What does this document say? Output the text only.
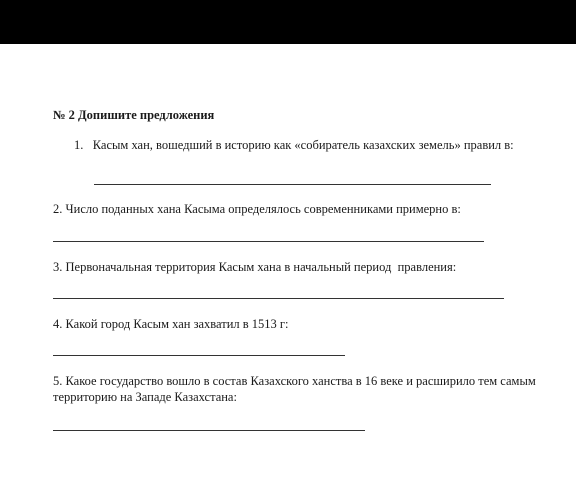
№ 2 Допишите предложения
1. Касым хан, вошедший в историю как «собиратель казахских земель» правил в:
2. Число поданных хана Касыма определялось современниками примерно в:
3. Первоначальная территория Касым хана в начальный период  правления:
4. Какой город Касым хан захватил в 1513 г:
5. Какое государство вошло в состав Казахского ханства в 16 веке и расширило тем самым
территорию на Западе Казахстана:
